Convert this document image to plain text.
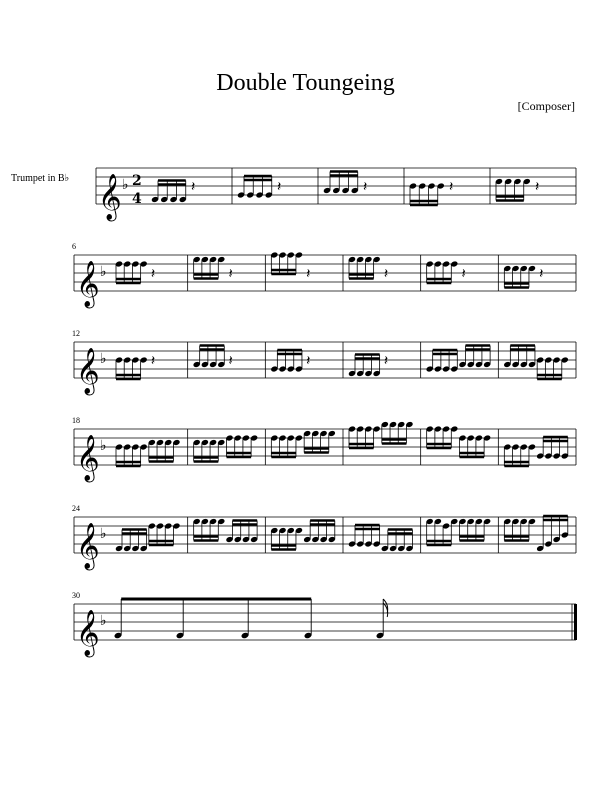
Double Toungeing
[Composer]
Trumpet in B♭ 𝄞 ♭ 2
4
𝄽	𝄽	𝄽	𝄽	𝄽
𝄞 ♭
6
𝄽	𝄽	𝄽	𝄽	𝄽	𝄽
𝄞 ♭
12
𝄽	𝄽	𝄽	𝄽
𝄞 ♭
18
𝄞 ♭
24
𝄞 ♭
30
